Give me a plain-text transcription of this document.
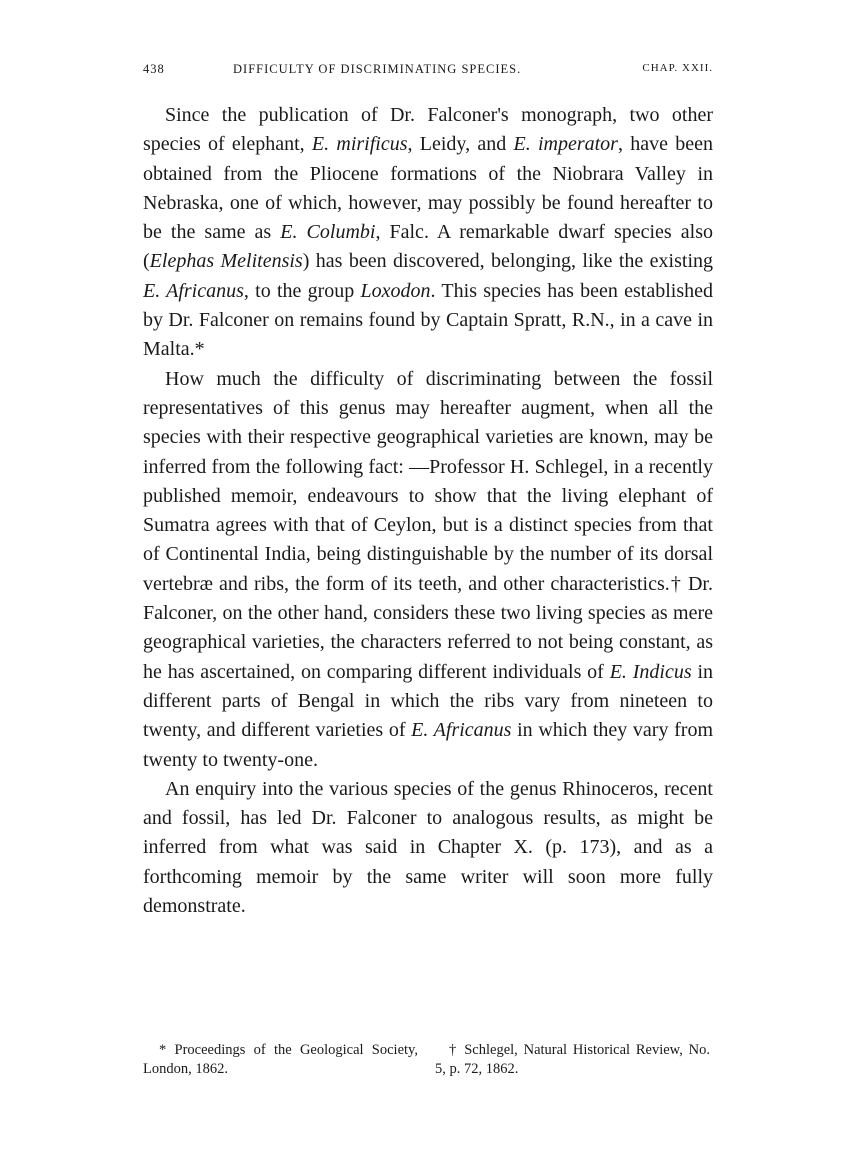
438	DIFFICULTY OF DISCRIMINATING SPECIES.	CHAP. XXII.

Since the publication of Dr. Falconer's monograph, two other species of elephant, E. mirificus, Leidy, and E. imperator, have been obtained from the Pliocene formations of the Niobrara Valley in Nebraska, one of which, however, may possibly be found hereafter to be the same as E. Columbi, Falc. A remarkable dwarf species also (Elephas Melitensis) has been discovered, belonging, like the existing E. Africanus, to the group Loxodon. This species has been established by Dr. Falconer on remains found by Captain Spratt, R.N., in a cave in Malta.*

How much the difficulty of discriminating between the fossil representatives of this genus may hereafter augment, when all the species with their respective geographical varieties are known, may be inferred from the following fact: —Professor H. Schlegel, in a recently published memoir, endeavours to show that the living elephant of Sumatra agrees with that of Ceylon, but is a distinct species from that of Continental India, being distinguishable by the number of its dorsal vertebræ and ribs, the form of its teeth, and other characteristics.† Dr. Falconer, on the other hand, considers these two living species as mere geographical varieties, the characters referred to not being constant, as he has ascertained, on comparing different individuals of E. Indicus in different parts of Bengal in which the ribs vary from nineteen to twenty, and different varieties of E. Africanus in which they vary from twenty to twenty-one.

An enquiry into the various species of the genus Rhinoceros, recent and fossil, has led Dr. Falconer to analogous results, as might be inferred from what was said in Chapter X. (p. 173), and as a forthcoming memoir by the same writer will soon more fully demonstrate.

* Proceedings of the Geological Society, London, 1862.
† Schlegel, Natural Historical Review, No. 5, p. 72, 1862.
